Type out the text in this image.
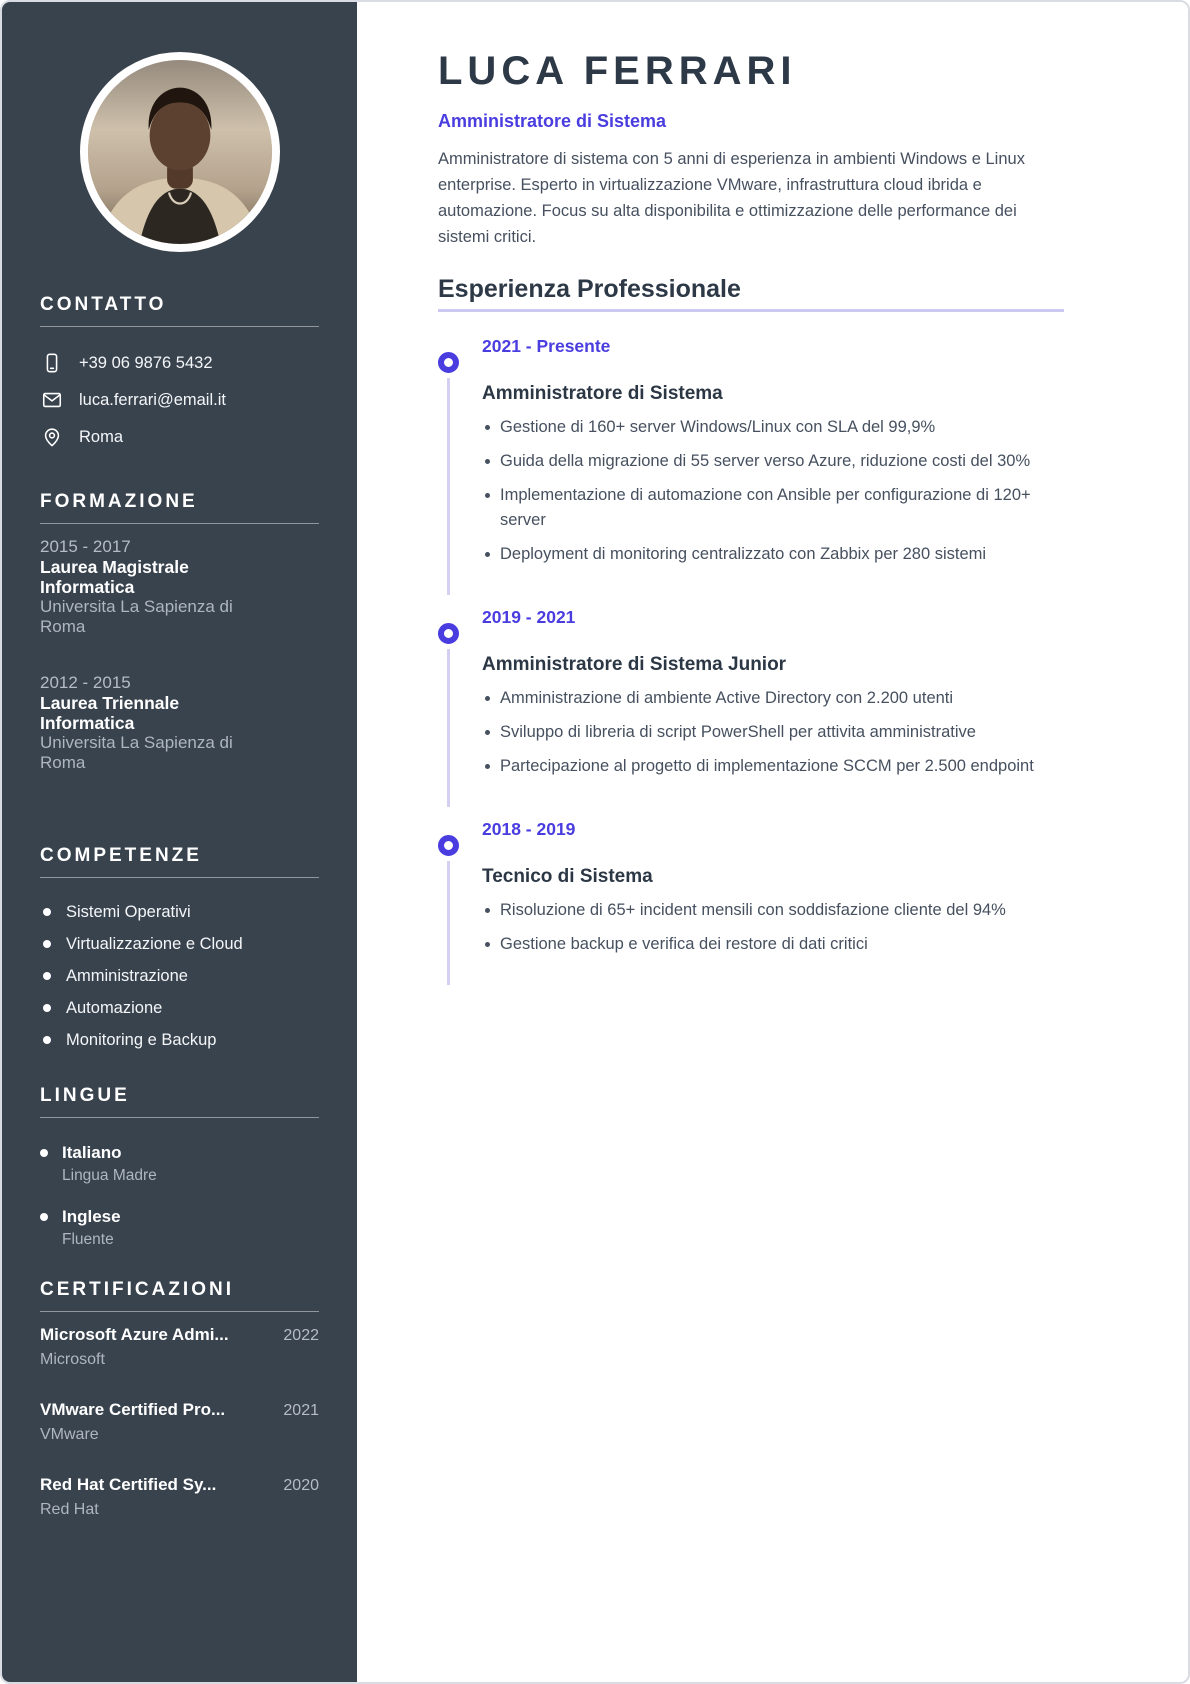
CONTATTO
+39 06 9876 5432
luca.ferrari@email.it
Roma
FORMAZIONE
2015 - 2017
Laurea Magistrale Informatica
Universita La Sapienza di Roma
2012 - 2015
Laurea Triennale Informatica
Universita La Sapienza di Roma
COMPETENZE
Sistemi Operativi
Virtualizzazione e Cloud
Amministrazione
Automazione
Monitoring e Backup
LINGUE
Italiano
Lingua Madre
Inglese
Fluente
CERTIFICAZIONI
Microsoft Azure Admi...	2022
Microsoft
VMware Certified Pro...	2021
VMware
Red Hat Certified Sy...	2020
Red Hat
LUCA FERRARI
Amministratore di Sistema

Amministratore di sistema con 5 anni di esperienza in ambienti Windows e Linux enterprise. Esperto in virtualizzazione VMware, infrastruttura cloud ibrida e automazione. Focus su alta disponibilita e ottimizzazione delle performance dei sistemi critici.

Esperienza Professionale
2021 - Presente
Amministratore di Sistema
Gestione di 160+ server Windows/Linux con SLA del 99,9%
Guida della migrazione di 55 server verso Azure, riduzione costi del 30%
Implementazione di automazione con Ansible per configurazione di 120+ server
Deployment di monitoring centralizzato con Zabbix per 280 sistemi
2019 - 2021
Amministratore di Sistema Junior
Amministrazione di ambiente Active Directory con 2.200 utenti
Sviluppo di libreria di script PowerShell per attivita amministrative
Partecipazione al progetto di implementazione SCCM per 2.500 endpoint
2018 - 2019
Tecnico di Sistema
Risoluzione di 65+ incident mensili con soddisfazione cliente del 94%
Gestione backup e verifica dei restore di dati critici
